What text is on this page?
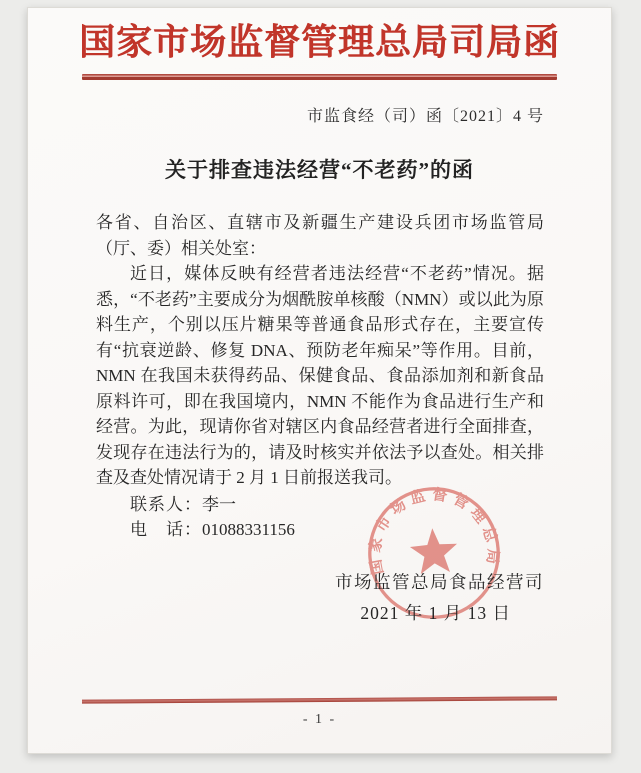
国家市场监督管理总局司局函
市监食经（司）函〔2021〕4 号
关于排查违法经营“不老药”的函

各省、自治区、直辖市及新疆生产建设兵团市场监管局（厅、委）相关处室：

近日，媒体反映有经营者违法经营“不老药”情况。据悉，“不老药”主要成分为烟酰胺单核酸（NMN）或以此为原料生产，个别以压片糖果等普通食品形式存在，主要宣传有“抗衰逆龄、修复 DNA、预防老年痴呆”等作用。目前，NMN 在我国未获得药品、保健食品、食品添加剂和新食品原料许可，即在我国境内，NMN 不能作为食品进行生产和经营。为此，现请你省对辖区内食品经营者进行全面排查，发现存在违法行为的，请及时核实并依法予以查处。相关排查及查处情况请于 2 月 1 日前报送我司。

联系人：李一

电　话：01088331156

市场监管总局食品经营司
2021 年 1 月 13 日
国家市场监督管理总局
- 1 -
